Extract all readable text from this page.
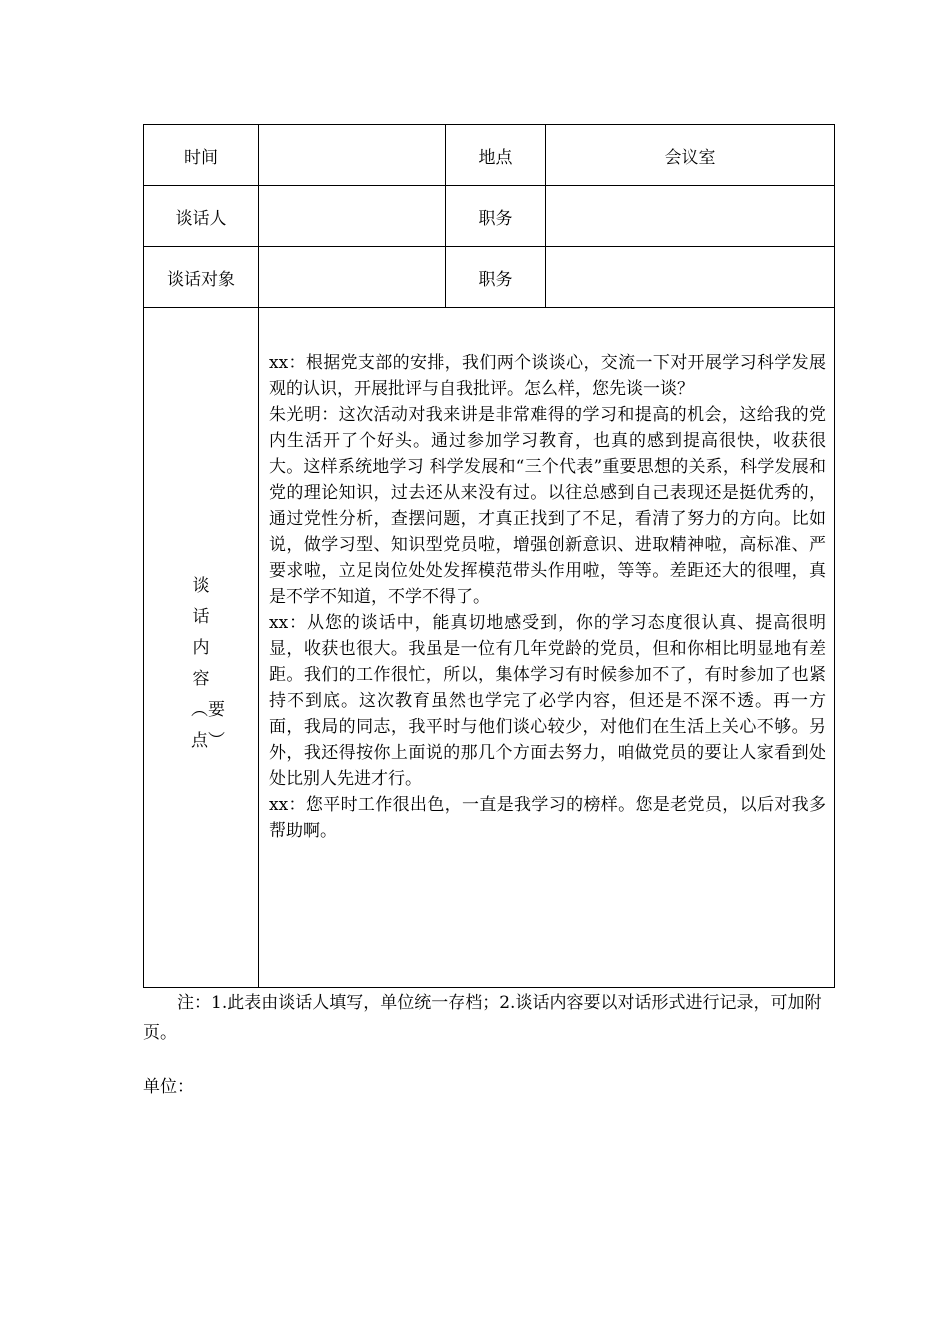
时间		地点	会议室
谈话人		职务	
谈话对象		职务	
谈话内容︵要点︶	xx：根据党支部的安排，我们两个谈谈心，交流一下对开展学习科学发展观的认识，开展批评与自我批评。怎么样，您先谈一谈？

朱光明：这次活动对我来讲是非常难得的学习和提高的机会，这给我的党内生活开了个好头。通过参加学习教育，也真的感到提高很快，收获很大。这样系统地学习 科学发展和“三个代表”重要思想的关系，科学发展和党的理论知识，过去还从来没有过。以往总感到自己表现还是挺优秀的，通过党性分析，查摆问题，才真正找到了不足，看清了努力的方向。比如说，做学习型、知识型党员啦，增强创新意识、进取精神啦，高标准、严要求啦，立足岗位处处发挥模范带头作用啦，等等。差距还大的很哩，真是不学不知道，不学不得了。

xx：从您的谈话中，能真切地感受到，你的学习态度很认真、提高很明显，收获也很大。我虽是一位有几年党龄的党员，但和你相比明显地有差距。我们的工作很忙，所以，集体学习有时候参加不了，有时参加了也紧持不到底。这次教育虽然也学完了必学内容，但还是不深不透。再一方面，我局的同志，我平时与他们谈心较少，对他们在生活上关心不够。另外，我还得按你上面说的那几个方面去努力，咱做党员的要让人家看到处处比别人先进才行。

xx：您平时工作很出色，一直是我学习的榜样。您是老党员，以后对我多帮助啊。		

注：1.此表由谈话人填写，单位统一存档；2.谈话内容要以对话形式进行记录，可加附页。

单位：
